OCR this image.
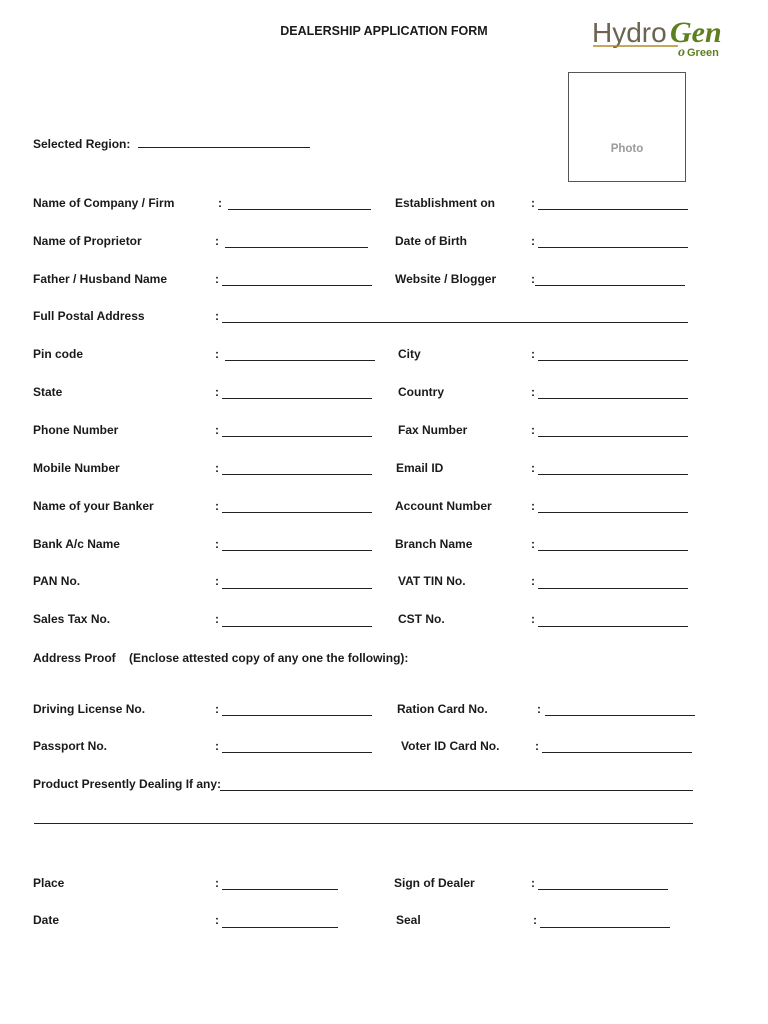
DEALERSHIP APPLICATION FORM	Hydro Gen
o Green
Photo
Selected Region:
Name of Company / Firm	:	Establishment on	:
Name of Proprietor	:	Date of Birth	:
Father / Husband Name	:	Website / Blogger	:
Full Postal Address	:
Pin code	:	City	:
State	:	Country	:
Phone Number	:	Fax Number	:
Mobile Number	:	Email ID	:
Name of your Banker	:	Account Number	:
Bank A/c Name	:	Branch Name	:
PAN No.	:	VAT TIN No.	:
Sales Tax No.	:	CST No.	:
Address Proof (Enclose attested copy of any one the following):
Driving License No.	:	Ration Card No.	:
Passport No.	:	Voter ID Card No.	:
Product Presently Dealing If any:
Place	:	Sign of Dealer	:
Date	:	Seal	:
